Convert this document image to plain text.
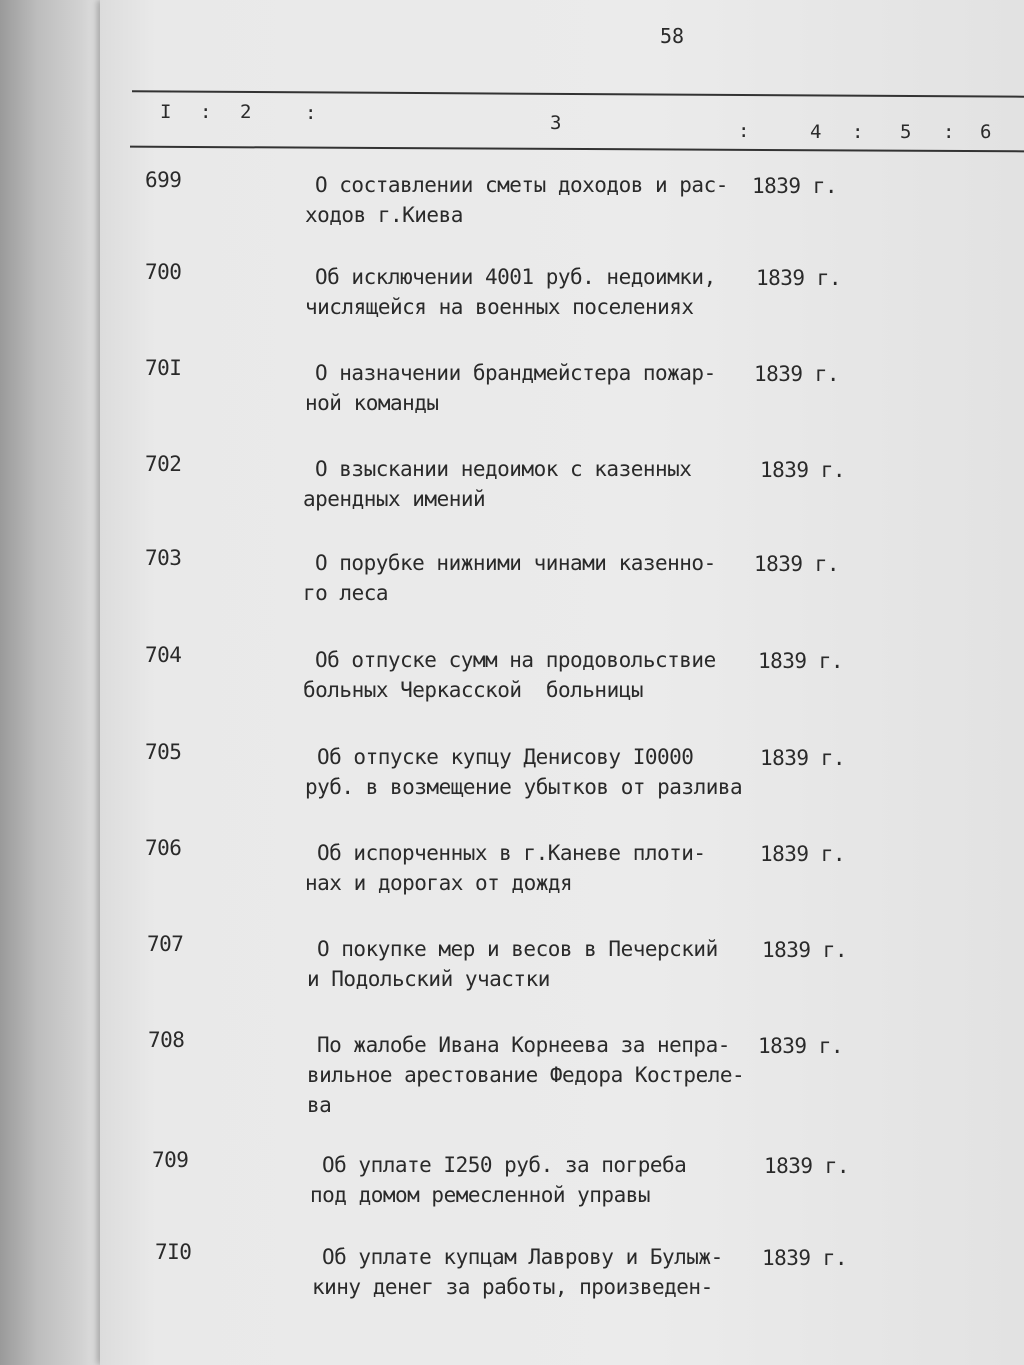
58
I : 2	:	3	:	4 : 5 : 6
699	О составлении сметы доходов и рас- 1839 г.
ходов г.Киева
700	Об исключении 4001 руб. недоимки, 1839 г.
числящейся на военных поселениях
70I	О назначении брандмейстера пожар- 1839 г.
ной команды
702	О взыскании недоимок с казенных	1839 г.
арендных имений
703	О порубке нижними чинами казенно- 1839 г.
го леса
704	Об отпуске сумм на продовольствие 1839 г.
больных Черкасской  больницы
705	Об отпуске купцу Денисову I0000	1839 г.
руб. в возмещение убытков от разлива
706	Об испорченных в г.Каневе плоти-	1839 г.
нах и дорогах от дождя
707	О покупке мер и весов в Печерский 1839 г.
и Подольский участки
708	По жалобе Ивана Корнеева за непра- 1839 г.
вильное арестование Федора Костреле-
ва
709	Об уплате I250 руб. за погреба	1839 г.
под домом ремесленной управы
7I0	Об уплате купцам Лаврову и Булыж- 1839 г.
кину денег за работы, произведен-
